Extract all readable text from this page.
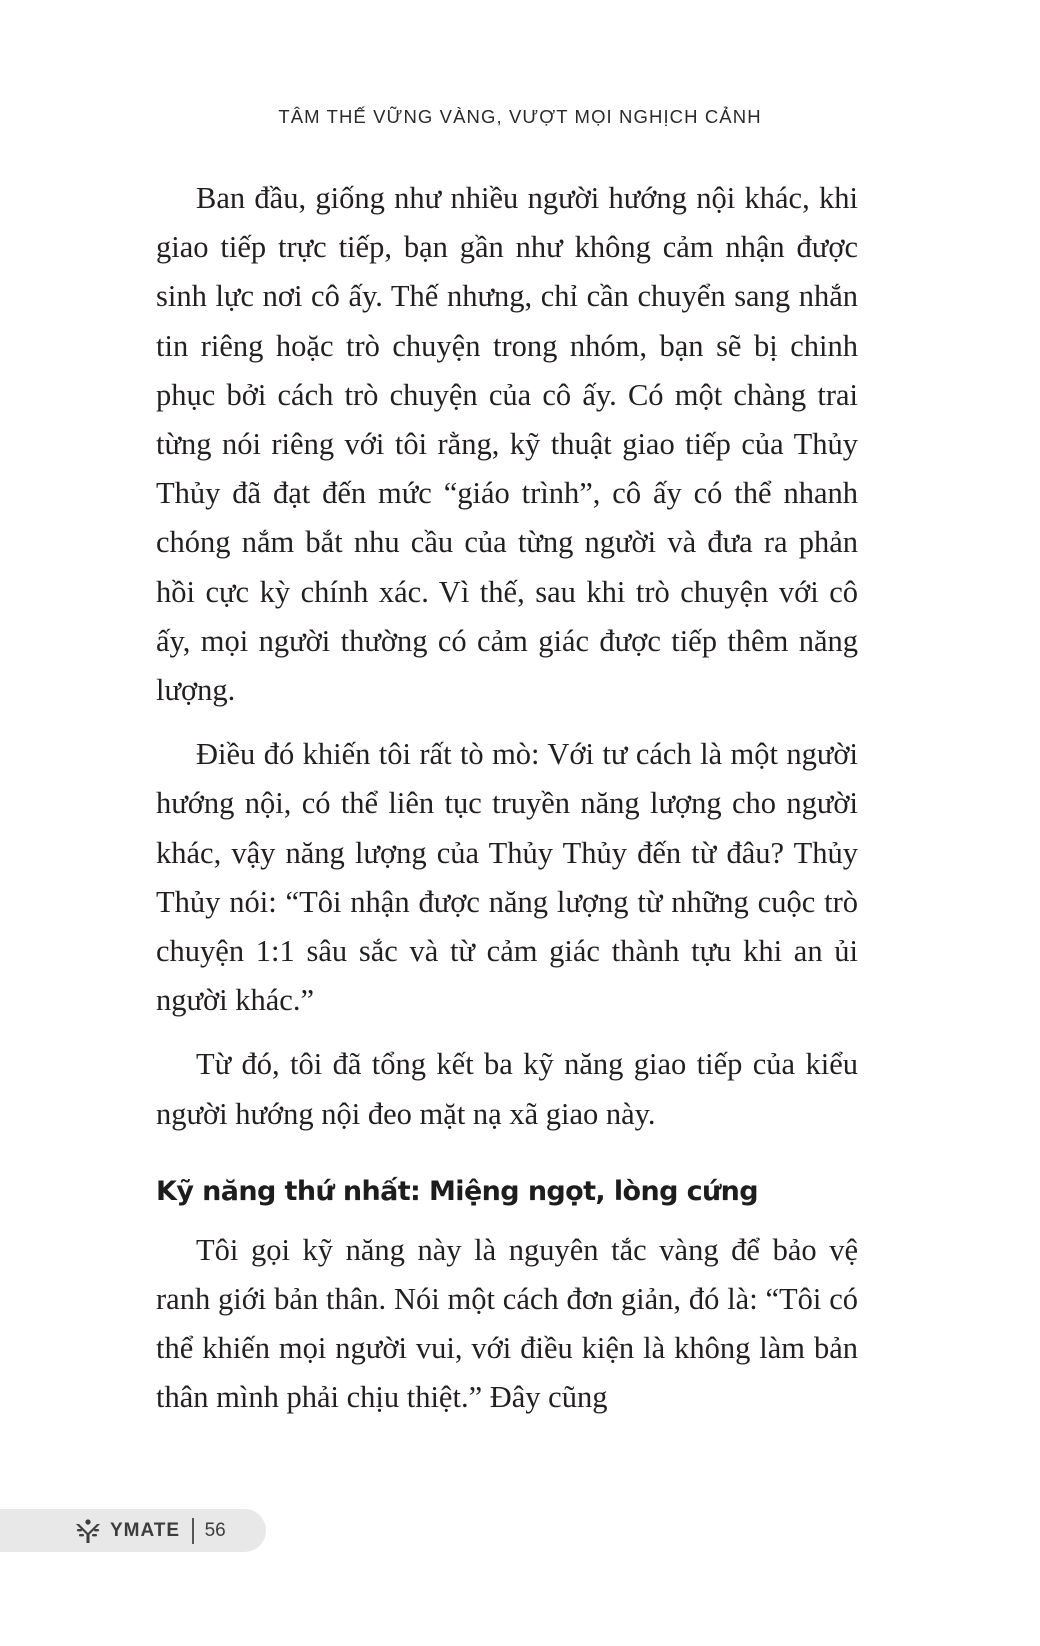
TÂM THẾ VỮNG VÀNG, VƯỢT MỌI NGHỊCH CẢNH

Ban đầu, giống như nhiều người hướng nội khác, khi giao tiếp trực tiếp, bạn gần như không cảm nhận được sinh lực nơi cô ấy. Thế nhưng, chỉ cần chuyển sang nhắn tin riêng hoặc trò chuyện trong nhóm, bạn sẽ bị chinh phục bởi cách trò chuyện của cô ấy. Có một chàng trai từng nói riêng với tôi rằng, kỹ thuật giao tiếp của Thủy Thủy đã đạt đến mức “giáo trình”, cô ấy có thể nhanh chóng nắm bắt nhu cầu của từng người và đưa ra phản hồi cực kỳ chính xác. Vì thế, sau khi trò chuyện với cô ấy, mọi người thường có cảm giác được tiếp thêm năng lượng.

Điều đó khiến tôi rất tò mò: Với tư cách là một người hướng nội, có thể liên tục truyền năng lượng cho người khác, vậy năng lượng của Thủy Thủy đến từ đâu? Thủy Thủy nói: “Tôi nhận được năng lượng từ những cuộc trò chuyện 1:1 sâu sắc và từ cảm giác thành tựu khi an ủi người khác.”

Từ đó, tôi đã tổng kết ba kỹ năng giao tiếp của kiểu người hướng nội đeo mặt nạ xã giao này.

Kỹ năng thứ nhất: Miệng ngọt, lòng cứng

Tôi gọi kỹ năng này là nguyên tắc vàng để bảo vệ ranh giới bản thân. Nói một cách đơn giản, đó là: “Tôi có thể khiến mọi người vui, với điều kiện là không làm bản thân mình phải chịu thiệt.” Đây cũng

YMATE 56
